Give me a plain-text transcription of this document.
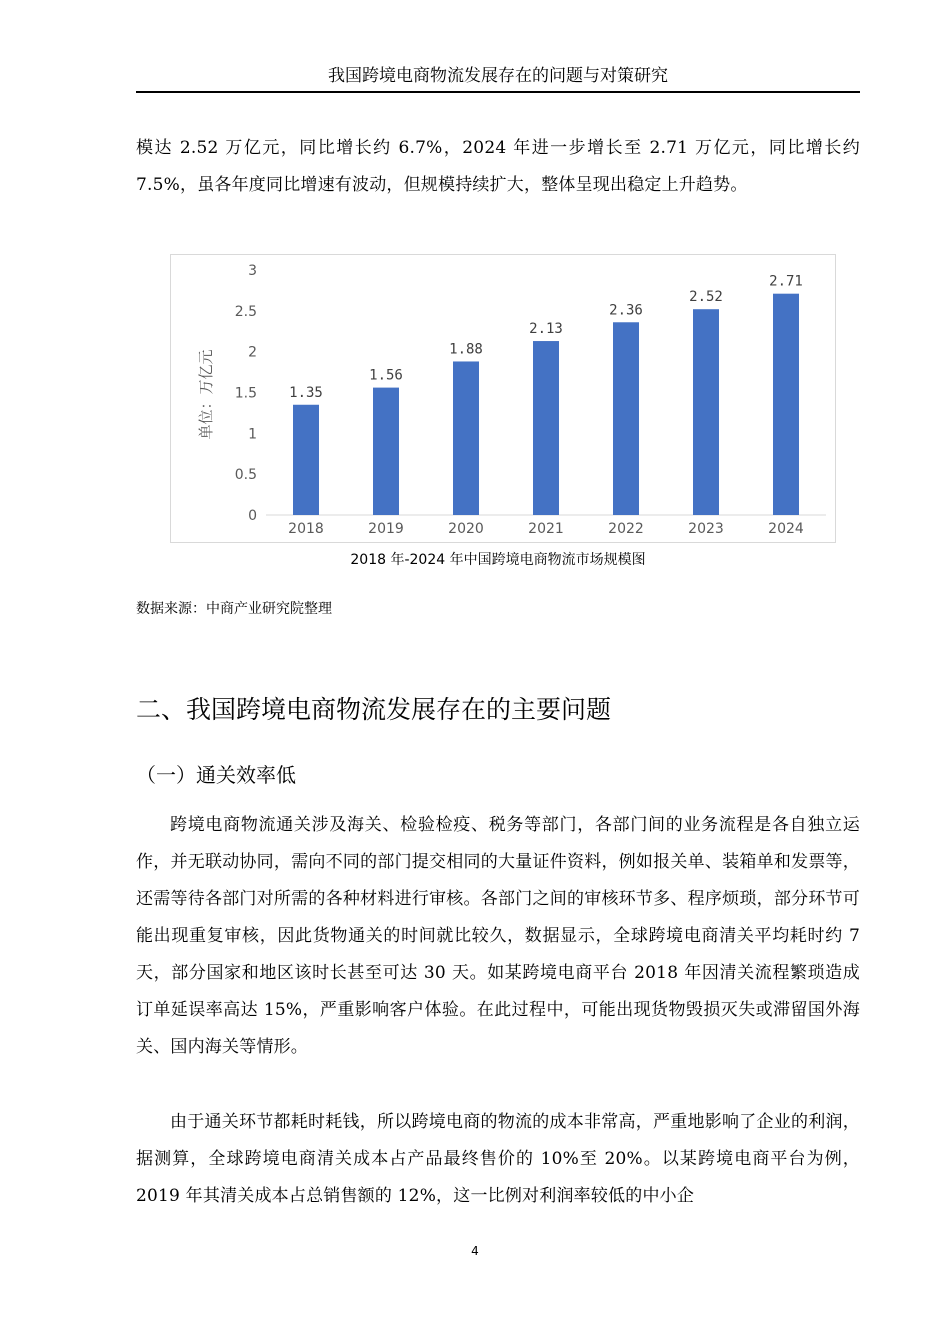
我国跨境电商物流发展存在的问题与对策研究

模达 2.52 万亿元，同比增长约 6.7%，2024 年进一步增长至 2.71 万亿元，同比增长约 7.5%，虽各年度同比增速有波动，但规模持续扩大，整体呈现出稳定上升趋势。

0
0.5
1
1.5
2
2.5
3
单位：万亿元	1.35
2018
1.56
2019
1.88
2020
2.13
2021
2.36
2022
2.52
2023
2.71
2024
2018 年-2024 年中国跨境电商物流市场规模图
数据来源：中商产业研究院整理
二、我国跨境电商物流发展存在的主要问题
（一）通关效率低

跨境电商物流通关涉及海关、检验检疫、税务等部门，各部门间的业务流程是各自独立运作，并无联动协同，需向不同的部门提交相同的大量证件资料，例如报关单、装箱单和发票等，还需等待各部门对所需的各种材料进行审核。各部门之间的审核环节多、程序烦琐，部分环节可能出现重复审核，因此货物通关的时间就比较久，数据显示，全球跨境电商清关平均耗时约 7 天，部分国家和地区该时长甚至可达 30 天。如某跨境电商平台 2018 年因清关流程繁琐造成订单延误率高达 15%，严重影响客户体验。在此过程中，可能出现货物毁损灭失或滞留国外海关、国内海关等情形。

由于通关环节都耗时耗钱，所以跨境电商的物流的成本非常高，严重地影响了企业的利润，据测算，全球跨境电商清关成本占产品最终售价的 10%至 20%。以某跨境电商平台为例，2019 年其清关成本占总销售额的 12%，这一比例对利润率较低的中小企

4
